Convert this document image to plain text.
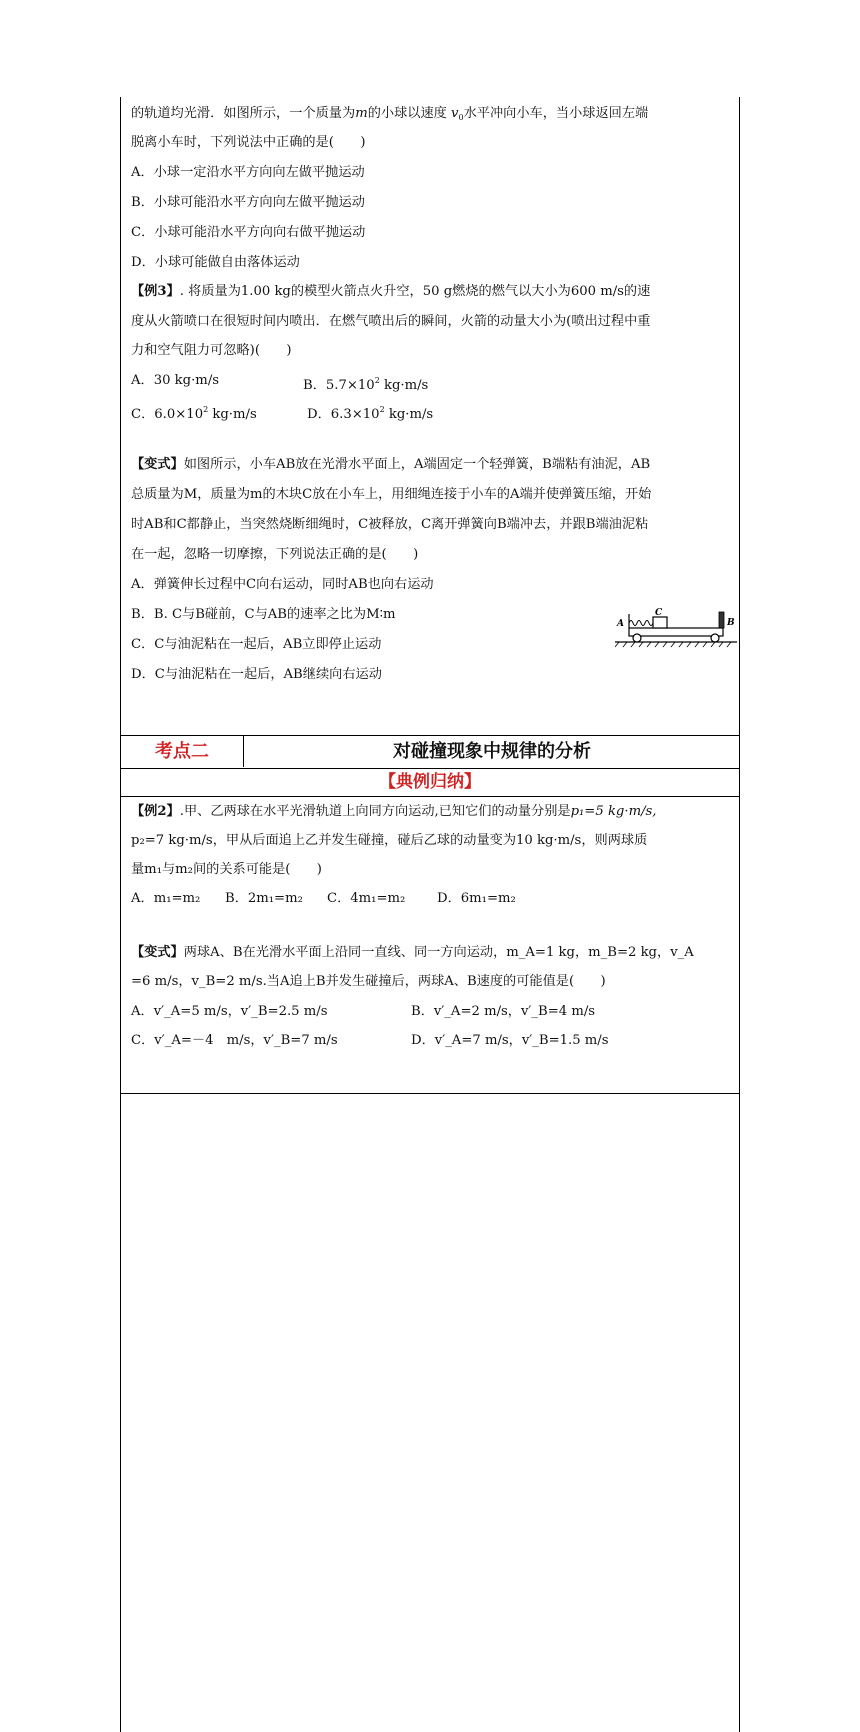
的轨道均光滑．如图所示，一个质量为m的小球以速度 $v_0$水平冲向小车，当小球返回左端
脱离小车时，下列说法中正确的是(　　)
A．小球一定沿水平方向向左做平抛运动
B．小球可能沿水平方向向左做平抛运动
C．小球可能沿水平方向向右做平抛运动
D．小球可能做自由落体运动
【例3】. 将质量为1.00 kg的模型火箭点火升空，50 g燃烧的燃气以大小为600 m/s的速
度从火箭喷口在很短时间内喷出．在燃气喷出后的瞬间，火箭的动量大小为(喷出过程中重
力和空气阻力可忽略)(　　)
A．30 kg·m/s	B．$5.7\times 10^2$ kg·m/s
C．$6.0\times 10^2$ kg·m/s	D．$6.3\times 10^2$ kg·m/s
【变式】如图所示，小车AB放在光滑水平面上，A端固定一个轻弹簧，B端粘有油泥，AB
总质量为M，质量为m的木块C放在小车上，用细绳连接于小车的A端并使弹簧压缩，开始
时AB和C都静止，当突然烧断细绳时，C被释放，C离开弹簧向B端冲去，并跟B端油泥粘
在一起，忽略一切摩擦，下列说法正确的是(　　)
A．弹簧伸长过程中C向右运动，同时AB也向右运动
B．B. C与B碰前，C与AB的速率之比为M∶m
C．C与油泥粘在一起后，AB立即停止运动
D．C与油泥粘在一起后，AB继续向右运动
A
C
B
考点二	对碰撞现象中规律的分析
【典例归纳】
【例2】.甲、乙两球在水平光滑轨道上向同方向运动,已知它们的动量分别是p₁=5 kg·m/s,
p₂=7 kg·m/s，甲从后面追上乙并发生碰撞，碰后乙球的动量变为10 kg·m/s，则两球质
量m₁与m₂间的关系可能是(　　)
A．m₁=m₂ B．2m₁=m₂ C．4m₁=m₂ D．6m₁=m₂
【变式】两球A、B在光滑水平面上沿同一直线、同一方向运动，m_A=1 kg，m_B=2 kg，v_A
=6 m/s，v_B=2 m/s.当A追上B并发生碰撞后，两球A、B速度的可能值是(　　)
A．v′_A=5 m/s，v′_B=2.5 m/s	B．v′_A=2 m/s，v′_B=4 m/s
C．v′_A=－4　m/s，v′_B=7 m/s	D．v′_A=7 m/s，v′_B=1.5 m/s
